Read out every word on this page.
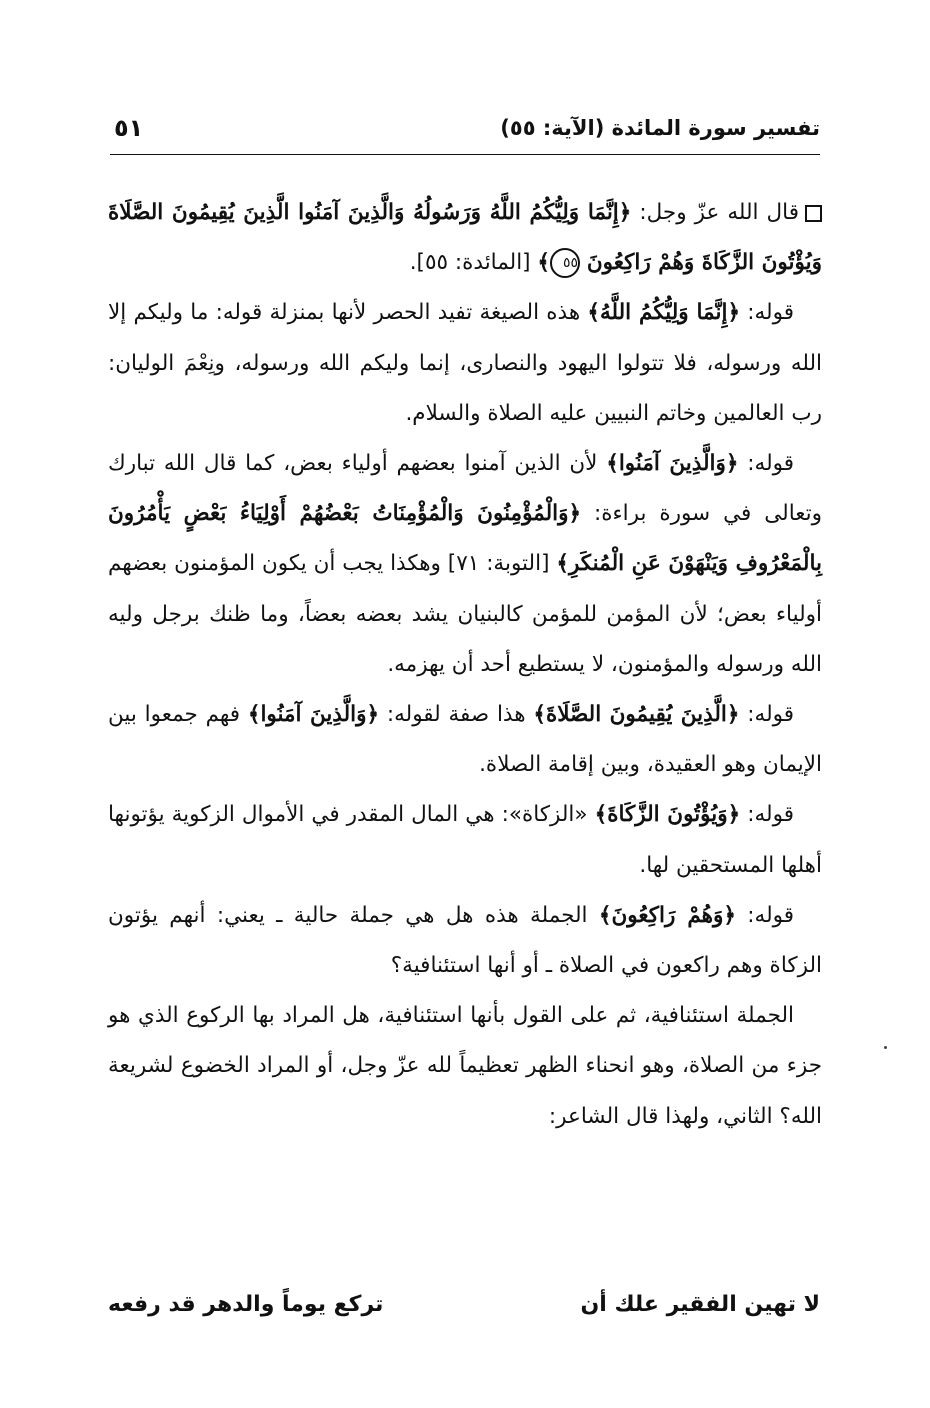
تفسير سورة المائدة (الآية: ٥٥)
٥١

قال الله عزّ وجل: ﴿إِنَّمَا وَلِيُّكُمُ اللَّهُ وَرَسُولُهُ وَالَّذِينَ آمَنُوا الَّذِينَ يُقِيمُونَ الصَّلَاةَ وَيُؤْتُونَ الزَّكَاةَ وَهُمْ رَاكِعُونَ ٥٥﴾ [المائدة: ٥٥].

قوله: ﴿إِنَّمَا وَلِيُّكُمُ اللَّهُ﴾ هذه الصيغة تفيد الحصر لأنها بمنزلة قوله: ما وليكم إلا الله ورسوله، فلا تتولوا اليهود والنصارى، إنما وليكم الله ورسوله، ونِعْمَ الوليان: رب العالمين وخاتم النبيين عليه الصلاة والسلام.

قوله: ﴿وَالَّذِينَ آمَنُوا﴾ لأن الذين آمنوا بعضهم أولياء بعض، كما قال الله تبارك وتعالى في سورة براءة: ﴿وَالْمُؤْمِنُونَ وَالْمُؤْمِنَاتُ بَعْضُهُمْ أَوْلِيَاءُ بَعْضٍ يَأْمُرُونَ بِالْمَعْرُوفِ وَيَنْهَوْنَ عَنِ الْمُنكَرِ﴾ [التوبة: ٧١] وهكذا يجب أن يكون المؤمنون بعضهم أولياء بعض؛ لأن المؤمن للمؤمن كالبنيان يشد بعضه بعضاً، وما ظنك برجل وليه الله ورسوله والمؤمنون، لا يستطيع أحد أن يهزمه.

قوله: ﴿الَّذِينَ يُقِيمُونَ الصَّلَاةَ﴾ هذا صفة لقوله: ﴿وَالَّذِينَ آمَنُوا﴾ فهم جمعوا بين الإيمان وهو العقيدة، وبين إقامة الصلاة.

قوله: ﴿وَيُؤْتُونَ الزَّكَاةَ﴾ «الزكاة»: هي المال المقدر في الأموال الزكوية يؤتونها أهلها المستحقين لها.

قوله: ﴿وَهُمْ رَاكِعُونَ﴾ الجملة هذه هل هي جملة حالية ـ يعني: أنهم يؤتون الزكاة وهم راكعون في الصلاة ـ أو أنها استئنافية؟

الجملة استئنافية، ثم على القول بأنها استئنافية، هل المراد بها الركوع الذي هو جزء من الصلاة، وهو انحناء الظهر تعظيماً لله عزّ وجل، أو المراد الخضوع لشريعة الله؟ الثاني، ولهذا قال الشاعر:

لا تهين الفقير علك أن
تركع يوماً والدهر قد رفعه
